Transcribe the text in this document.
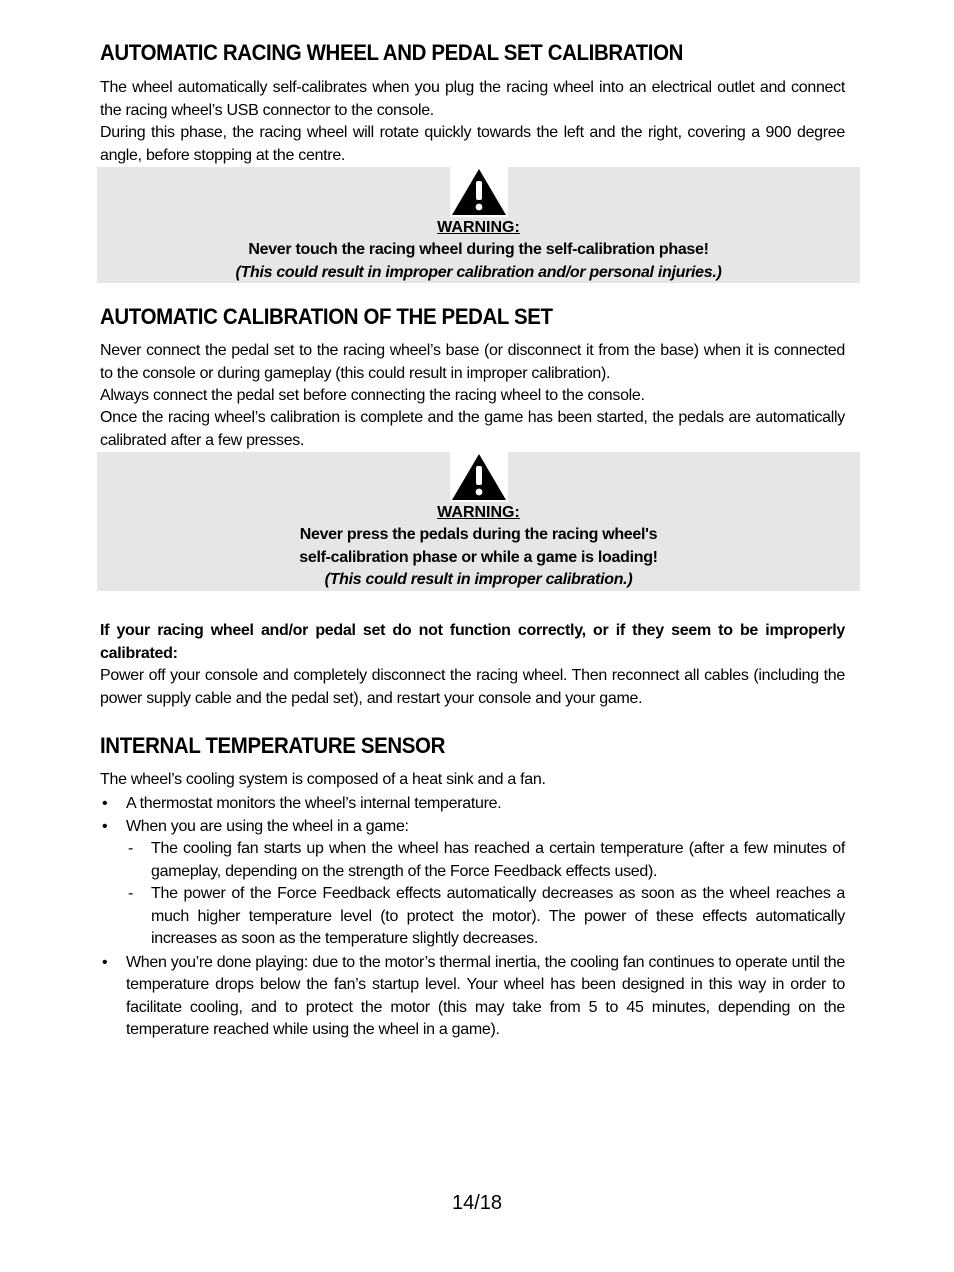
AUTOMATIC RACING WHEEL AND PEDAL SET CALIBRATION

The wheel automatically self-calibrates when you plug the racing wheel into an electrical outlet and connect the racing wheel’s USB connector to the console.

During this phase, the racing wheel will rotate quickly towards the left and the right, covering a 900 degree angle, before stopping at the centre.

WARNING:
Never touch the racing wheel during the self-calibration phase!
(This could result in improper calibration and/or personal injuries.)
AUTOMATIC CALIBRATION OF THE PEDAL SET

Never connect the pedal set to the racing wheel’s base (or disconnect it from the base) when it is connected to the console or during gameplay (this could result in improper calibration).

Always connect the pedal set before connecting the racing wheel to the console.

Once the racing wheel’s calibration is complete and the game has been started, the pedals are automatically calibrated after a few presses.

WARNING:
Never press the pedals during the racing wheel's
self-calibration phase or while a game is loading!
(This could result in improper calibration.)

If your racing wheel and/or pedal set do not function correctly, or if they seem to be improperly calibrated:
Power off your console and completely disconnect the racing wheel. Then reconnect all cables (including the power supply cable and the pedal set), and restart your console and your game.

INTERNAL TEMPERATURE SENSOR

The wheel’s cooling system is composed of a heat sink and a fan.

• A thermostat monitors the wheel’s internal temperature.
• When you are using the wheel in a game:
- The cooling fan starts up when the wheel has reached a certain temperature (after a few minutes of gameplay, depending on the strength of the Force Feedback effects used).
- The power of the Force Feedback effects automatically decreases as soon as the wheel reaches a much higher temperature level (to protect the motor). The power of these effects automatically increases as soon as the temperature slightly decreases.
• When you’re done playing: due to the motor’s thermal inertia, the cooling fan continues to operate until the temperature drops below the fan’s startup level. Your wheel has been designed in this way in order to facilitate cooling, and to protect the motor (this may take from 5 to 45 minutes, depending on the temperature reached while using the wheel in a game).
14/18
